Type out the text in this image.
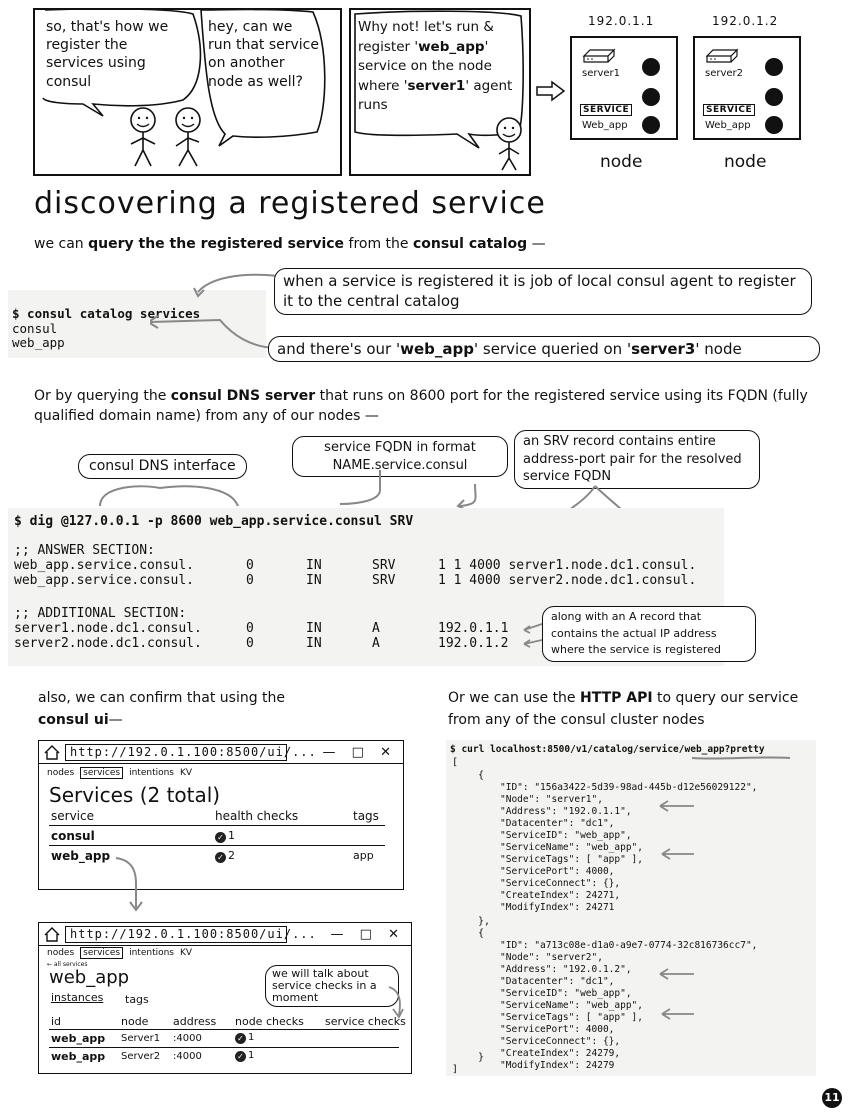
so, that's how we register the services using consul
hey, can we run that service on another node as well?
Why not! let's run & register 'web_app' service on the node where 'server1' agent runs
192.0.1.1
server1
SERVICE
Web_app
node
192.0.1.2
server2
SERVICE
Web_app
node
discovering a registered service
we can query the the registered service from the consul catalog —

$ consul catalog services
consul
web_app
when a service is registered it is job of local consul agent to register it to the central catalog
and there's our 'web_app' service queried on 'server3' node
Or by querying the consul DNS server that runs on 8600 port for the registered service using its FQDN (fully qualified domain name) from any of our nodes —
consul DNS interface
service FQDN in format NAME.service.consul
an SRV record contains entire address-port pair for the resolved service FQDN

$ dig @127.0.0.1 -p 8600 web_app.service.consul SRV
;; ANSWER SECTION:
web_app.service.consul.	0	IN	SRV	1 1 4000 server1.node.dc1.consul.
web_app.service.consul.	0	IN	SRV	1 1 4000 server2.node.dc1.consul.
;; ADDITIONAL SECTION:
server1.node.dc1.consul.	0	IN	A	192.0.1.1
server2.node.dc1.consul.	0	IN	A	192.0.1.2
along with an A record that contains the actual IP address where the service is registered
also, we can confirm that using the consul ui—
http://192.0.1.100:8500/ui/... — □ ✕
nodes services intentions KV
Services (2 total)
service	health checks	tags
consul	✓ 1
web_app	✓ 2	app
http://192.0.1.100:8500/ui/... — □ ✕
nodes services intentions KV
← all services
web_app
instances tags
we will talk about service checks in a moment
id	node address node checks service checks
web_app Server1 :4000	✓ 1
web_app Server2 :4000	✓ 1
Or we can use the HTTP API to query our service from any of the consul cluster nodes
$ curl localhost:8500/v1/catalog/service/web_app?pretty
[
{
"ID": "156a3422-5d39-98ad-445b-d12e56029122",
"Node": "server1",
"Address": "192.0.1.1",
"Datacenter": "dc1",
"ServiceID": "web_app",
"ServiceName": "web_app",
"ServiceTags": [ "app" ],
"ServicePort": 4000,
"ServiceConnect": {},
"CreateIndex": 24271,
"ModifyIndex": 24271
},
{
"ID": "a713c08e-d1a0-a9e7-0774-32c816736cc7",
"Node": "server2",
"Address": "192.0.1.2",
"Datacenter": "dc1",
"ServiceID": "web_app",
"ServiceName": "web_app",
"ServiceTags": [ "app" ],
"ServicePort": 4000,
"ServiceConnect": {},
"CreateIndex": 24279,
"ModifyIndex": 24279
}
]
11
